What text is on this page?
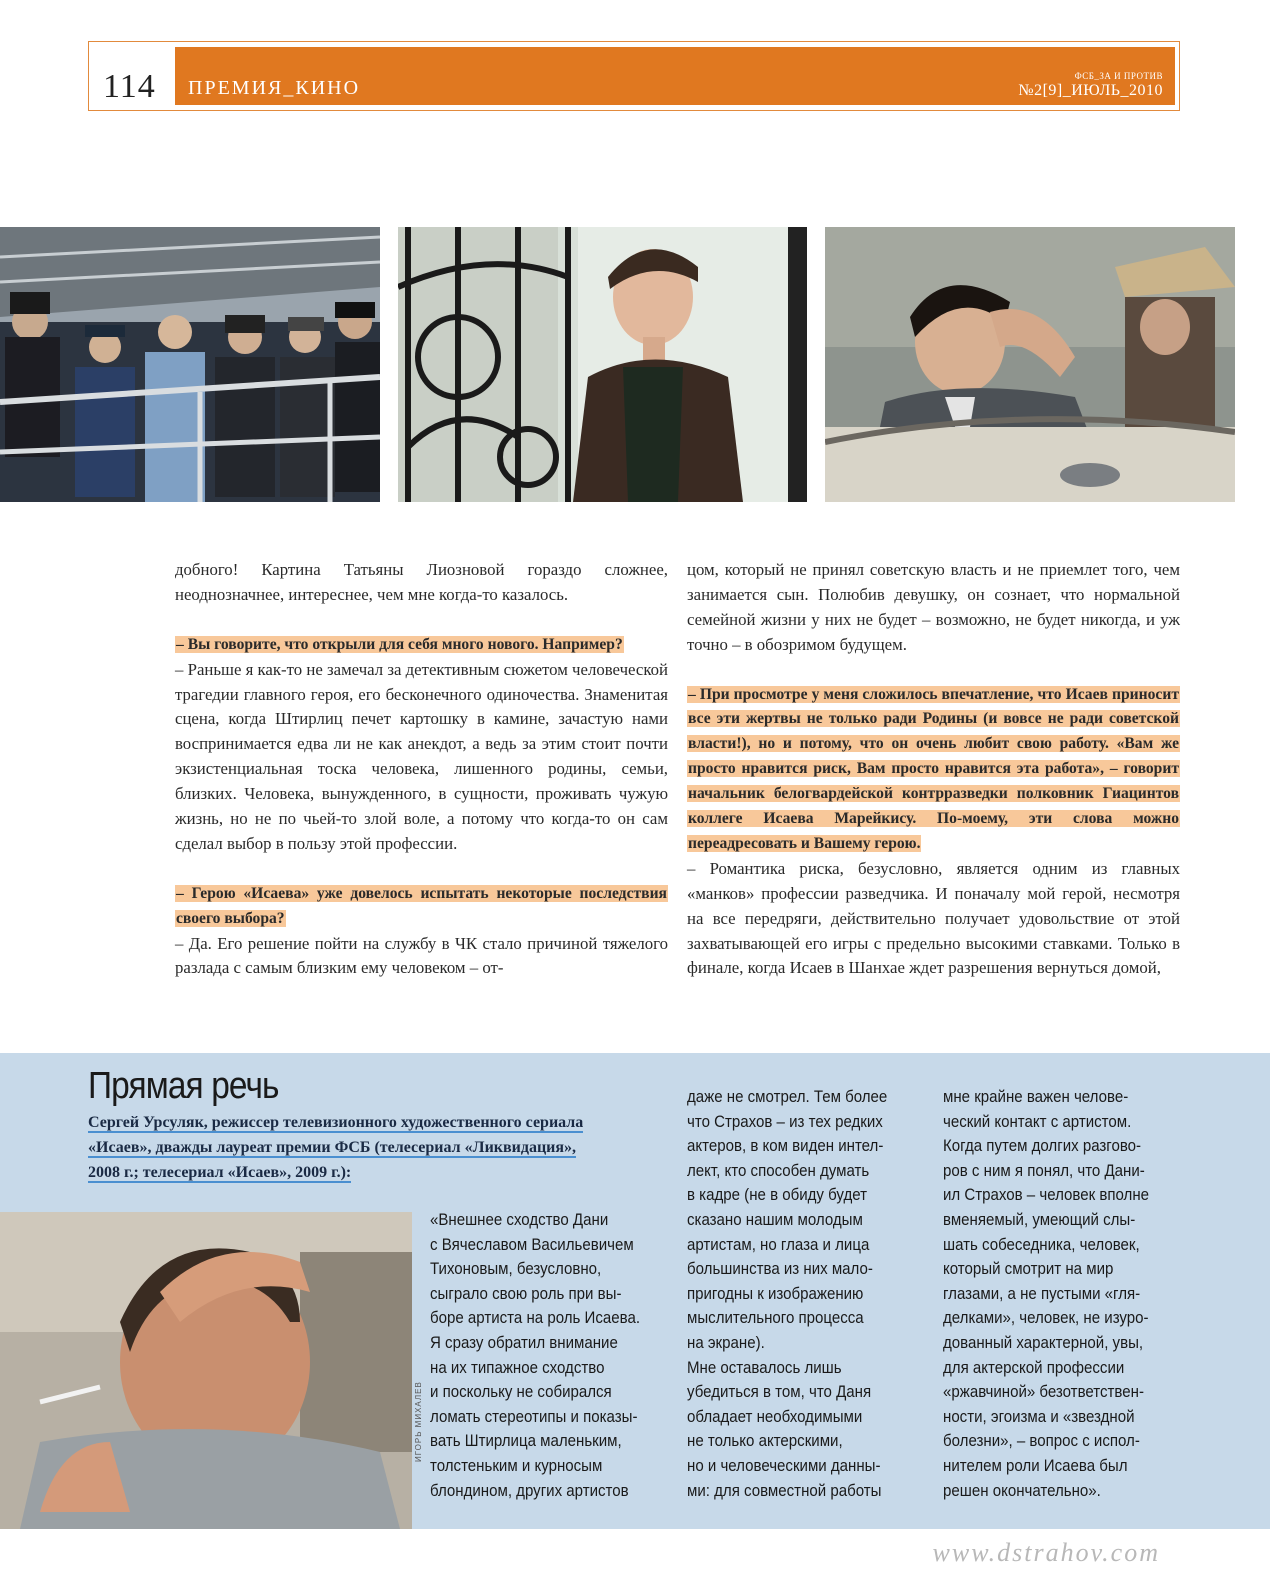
114 ПРЕМИЯ_КИНО
ФСБ_ЗА И ПРОТИВ
№2[9]_ИЮЛЬ_2010

добного! Картина Татьяны Лиозновой гораздо сложнее, неоднозначнее, интереснее, чем мне когда-то казалось.

– Вы говорите, что открыли для себя много нового. Например?

– Раньше я как-то не замечал за детективным сюжетом человеческой трагедии главного героя, его бесконечного одиночества. Знаменитая сцена, когда Штирлиц печет картошку в камине, зачастую нами воспринимается едва ли не как анекдот, а ведь за этим стоит почти экзистенциальная тоска человека, лишенного родины, семьи, близких. Человека, вынужденного, в сущности, проживать чужую жизнь, но не по чьей-то злой воле, а потому что когда-то он сам сделал выбор в пользу этой профессии.

– Герою «Исаева» уже довелось испытать некоторые последствия своего выбора?

– Да. Его решение пойти на службу в ЧК стало причиной тяжелого разлада с самым близким ему человеком – от-

цом, который не принял советскую власть и не приемлет того, чем занимается сын. Полюбив девушку, он сознает, что нормальной семейной жизни у них не будет – возможно, не будет никогда, и уж точно – в обозримом будущем.

– При просмотре у меня сложилось впечатление, что Исаев приносит все эти жертвы не только ради Родины (и вовсе не ради советской власти!), но и потому, что он очень любит свою работу. «Вам же просто нравится риск, Вам просто нравится эта работа», – говорит начальник белогвардейской контрразведки полковник Гиацинтов коллеге Исаева Марейкису. По-моему, эти слова можно переадресовать и Вашему герою.

– Романтика риска, безусловно, является одним из главных «манков» профессии разведчика. И поначалу мой герой, несмотря на все передряги, действительно получает удовольствие от этой захватывающей его игры с предельно высокими ставками. Только в финале, когда Исаев в Шанхае ждет разрешения вернуться домой,

Прямая речь
Сергей Урсуляк, режиссер телевизионного художественного сериала «Исаев», дважды лауреат премии ФСБ (телесериал «Ликвидация», 2008 г.; телесериал «Исаев», 2009 г.):
ИГОРЬ МИХАЛЕВ
«Внешнее сходство Дани
с Вячеславом Васильевичем
Тихоновым, безусловно,
сыграло свою роль при вы-
боре артиста на роль Исаева.
Я сразу обратил внимание
на их типажное сходство
и поскольку не собирался
ломать стереотипы и показы-
вать Штирлица маленьким,
толстеньким и курносым
блондином, других артистов
даже не смотрел. Тем более
что Страхов – из тех редких
актеров, в ком виден интел-
лект, кто способен думать
в кадре (не в обиду будет
сказано нашим молодым
артистам, но глаза и лица
большинства из них мало-
пригодны к изображению
мыслительного процесса
на экране).
Мне оставалось лишь
убедиться в том, что Даня
обладает необходимыми
не только актерскими,
но и человеческими данны-
ми: для совместной работы
мне крайне важен челове-
ческий контакт с артистом.
Когда путем долгих разгово-
ров с ним я понял, что Дани-
ил Страхов – человек вполне
вменяемый, умеющий слы-
шать собеседника, человек,
который смотрит на мир
глазами, а не пустыми «гля-
делками», человек, не изуро-
дованный характерной, увы,
для актерской профессии
«ржавчиной» безответствен-
ности, эгоизма и «звездной
болезни», – вопрос с испол-
нителем роли Исаева был
решен окончательно».
www.dstrahov.com
